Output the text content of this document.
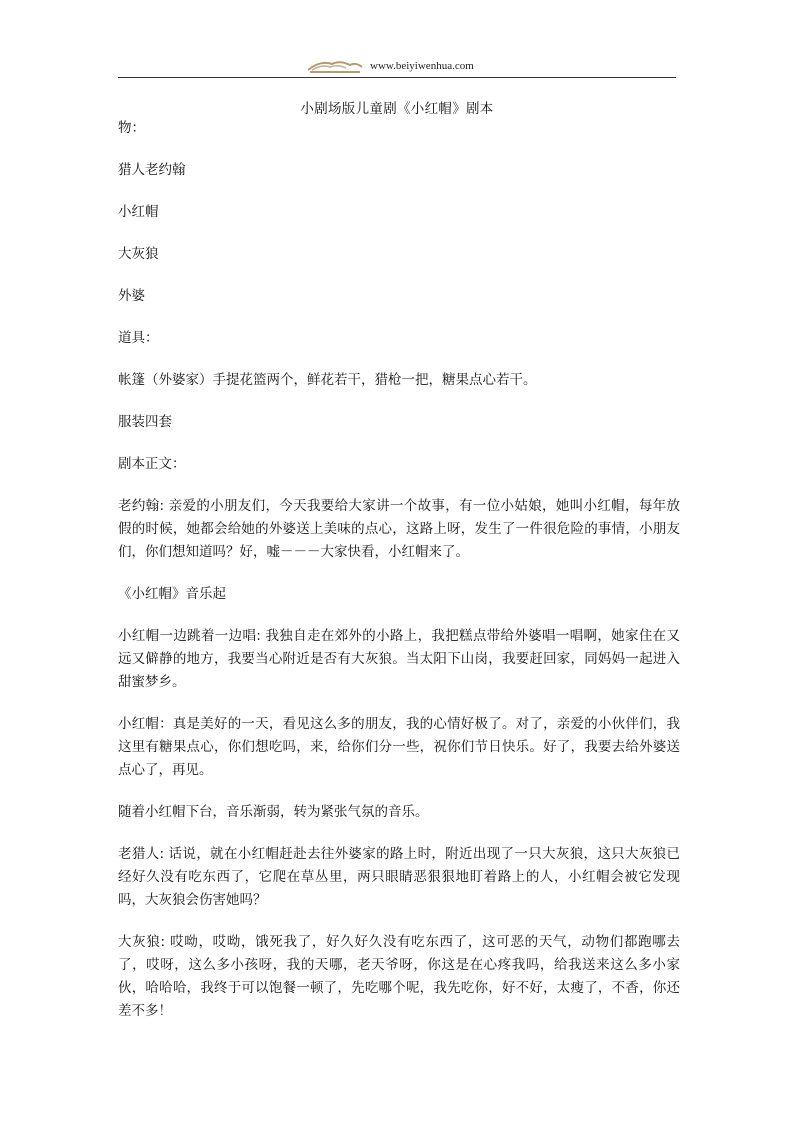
www.beiyiwenhua.com
小剧场版儿童剧《小红帽》剧本

物：

猎人老约翰

小红帽

大灰狼

外婆

道具：

帐篷（外婆家）手提花篮两个，鲜花若干，猎枪一把，糖果点心若干。

服装四套

剧本正文：

老约翰: 亲爱的小朋友们，今天我要给大家讲一个故事，有一位小姑娘，她叫小红帽，每年放假的时候，她都会给她的外婆送上美味的点心，这路上呀，发生了一件很危险的事情，小朋友们，你们想知道吗？好，嘘－－－大家快看，小红帽来了。

《小红帽》音乐起

小红帽一边跳着一边唱: 我独自走在郊外的小路上，我把糕点带给外婆唱一唱啊，她家住在又远又僻静的地方，我要当心附近是否有大灰狼。当太阳下山岗，我要赶回家，同妈妈一起进入甜蜜梦乡。

小红帽：真是美好的一天，看见这么多的朋友，我的心情好极了。对了，亲爱的小伙伴们，我这里有糖果点心，你们想吃吗，来，给你们分一些，祝你们节日快乐。好了，我要去给外婆送点心了，再见。

随着小红帽下台，音乐渐弱，转为紧张气氛的音乐。

老猎人: 话说，就在小红帽赶赴去往外婆家的路上时，附近出现了一只大灰狼，这只大灰狼已经好久没有吃东西了，它爬在草丛里，两只眼睛恶狠狠地盯着路上的人，小红帽会被它发现吗，大灰狼会伤害她吗？

大灰狼: 哎呦，哎呦，饿死我了，好久好久没有吃东西了，这可恶的天气，动物们都跑哪去了，哎呀，这么多小孩呀，我的天哪，老天爷呀，你这是在心疼我吗，给我送来这么多小家伙，哈哈哈，我终于可以饱餐一顿了，先吃哪个呢，我先吃你，好不好，太瘦了，不香，你还差不多！
